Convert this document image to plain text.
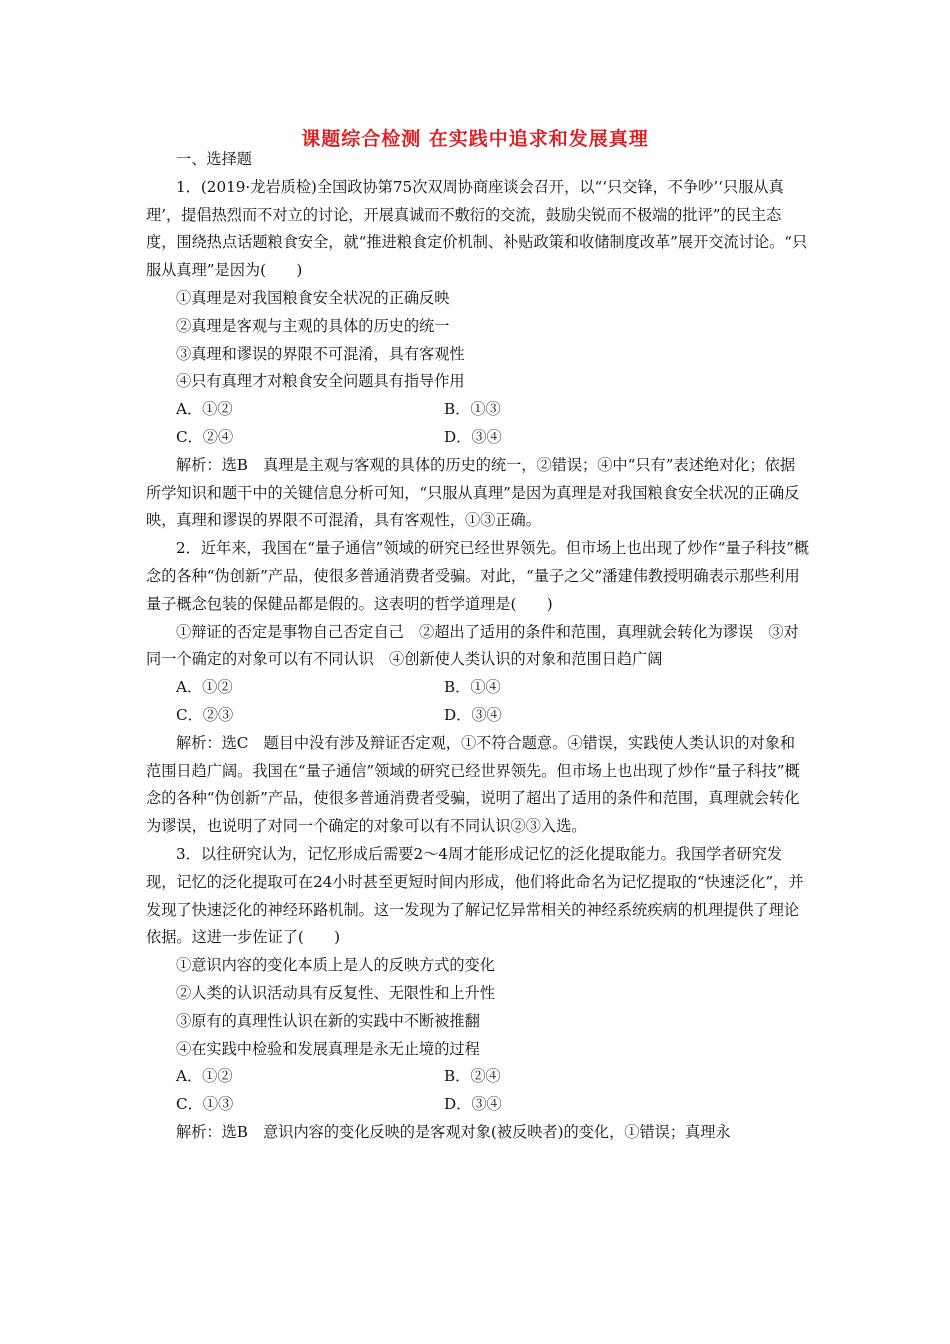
课题综合检测 在实践中追求和发展真理

一、选择题

1．(2019·龙岩质检)全国政协第75次双周协商座谈会召开，以“‘只交锋，不争吵’‘只服从真理’，提倡热烈而不对立的讨论，开展真诚而不敷衍的交流，鼓励尖锐而不极端的批评”的民主态度，围绕热点话题粮食安全，就“推进粮食定价机制、补贴政策和收储制度改革”展开交流讨论。“只服从真理”是因为(　　)

①真理是对我国粮食安全状况的正确反映

②真理是客观与主观的具体的历史的统一

③真理和谬误的界限不可混淆，具有客观性

④只有真理才对粮食安全问题具有指导作用

A．①②	B．①③
C．②④	D．③④

解析：选B　真理是主观与客观的具体的历史的统一，②错误；④中“只有”表述绝对化；依据所学知识和题干中的关键信息分析可知，“只服从真理”是因为真理是对我国粮食安全状况的正确反映，真理和谬误的界限不可混淆，具有客观性，①③正确。

2．近年来，我国在“量子通信”领域的研究已经世界领先。但市场上也出现了炒作“量子科技”概念的各种“伪创新”产品，使很多普通消费者受骗。对此，“量子之父”潘建伟教授明确表示那些利用量子概念包装的保健品都是假的。这表明的哲学道理是(　　)

①辩证的否定是事物自己否定自己　②超出了适用的条件和范围，真理就会转化为谬误　③对同一个确定的对象可以有不同认识　④创新使人类认识的对象和范围日趋广阔

A．①②	B．①④
C．②③	D．③④

解析：选C　题目中没有涉及辩证否定观，①不符合题意。④错误，实践使人类认识的对象和范围日趋广阔。我国在“量子通信”领域的研究已经世界领先。但市场上也出现了炒作“量子科技”概念的各种“伪创新”产品，使很多普通消费者受骗，说明了超出了适用的条件和范围，真理就会转化为谬误，也说明了对同一个确定的对象可以有不同认识②③入选。

3．以往研究认为，记忆形成后需要2～4周才能形成记忆的泛化提取能力。我国学者研究发现，记忆的泛化提取可在24小时甚至更短时间内形成，他们将此命名为记忆提取的“快速泛化”，并发现了快速泛化的神经环路机制。这一发现为了解记忆异常相关的神经系统疾病的机理提供了理论依据。这进一步佐证了(　　)

①意识内容的变化本质上是人的反映方式的变化

②人类的认识活动具有反复性、无限性和上升性

③原有的真理性认识在新的实践中不断被推翻

④在实践中检验和发展真理是永无止境的过程

A．①②	B．②④
C．①③	D．③④

解析：选B　意识内容的变化反映的是客观对象(被反映者)的变化，①错误；真理永
